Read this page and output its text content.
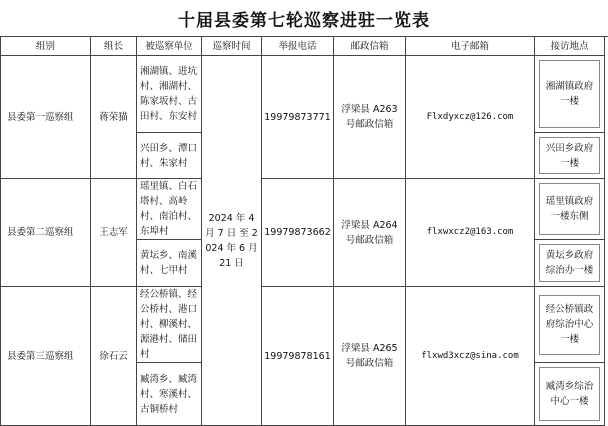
十届县委第七轮巡察进驻一览表
组别	组长	被巡察单位	巡察时间	举报电话	邮政信箱	电子邮箱	接访地点
县委第一巡察组	蒋荣猫	湘湖镇、进坑村、湘湖村、陈家坂村、古田村、东安村	2024 年 4 月 7 日 至 2024 年 6 月 21 日	19979873771	浮梁县 A263 号邮政信箱	Flxdyxcz@126.com	湘湖镇政府一楼

		兴田乡、潭口村、朱家村					兴田乡政府一楼

县委第二巡察组	王志军	瑶里镇、白石塔村、高岭村、南泊村、东埠村		19979873662	浮梁县 A264 号邮政信箱	flxwxcz2@163.com	瑶里镇政府一楼东侧

		黄坛乡、南溪村、七甲村					黄坛乡政府综治办一楼

县委第三巡察组	徐石云	经公桥镇、经公桥村、港口村、柳溪村、源港村、储田村		19979878161	浮梁县 A265 号邮政信箱	flxwd3xcz@sina.com	经公桥镇政府综治中心一楼

		臧湾乡、臧湾村、寒溪村、古铜桥村					臧湾乡综治中心一楼
